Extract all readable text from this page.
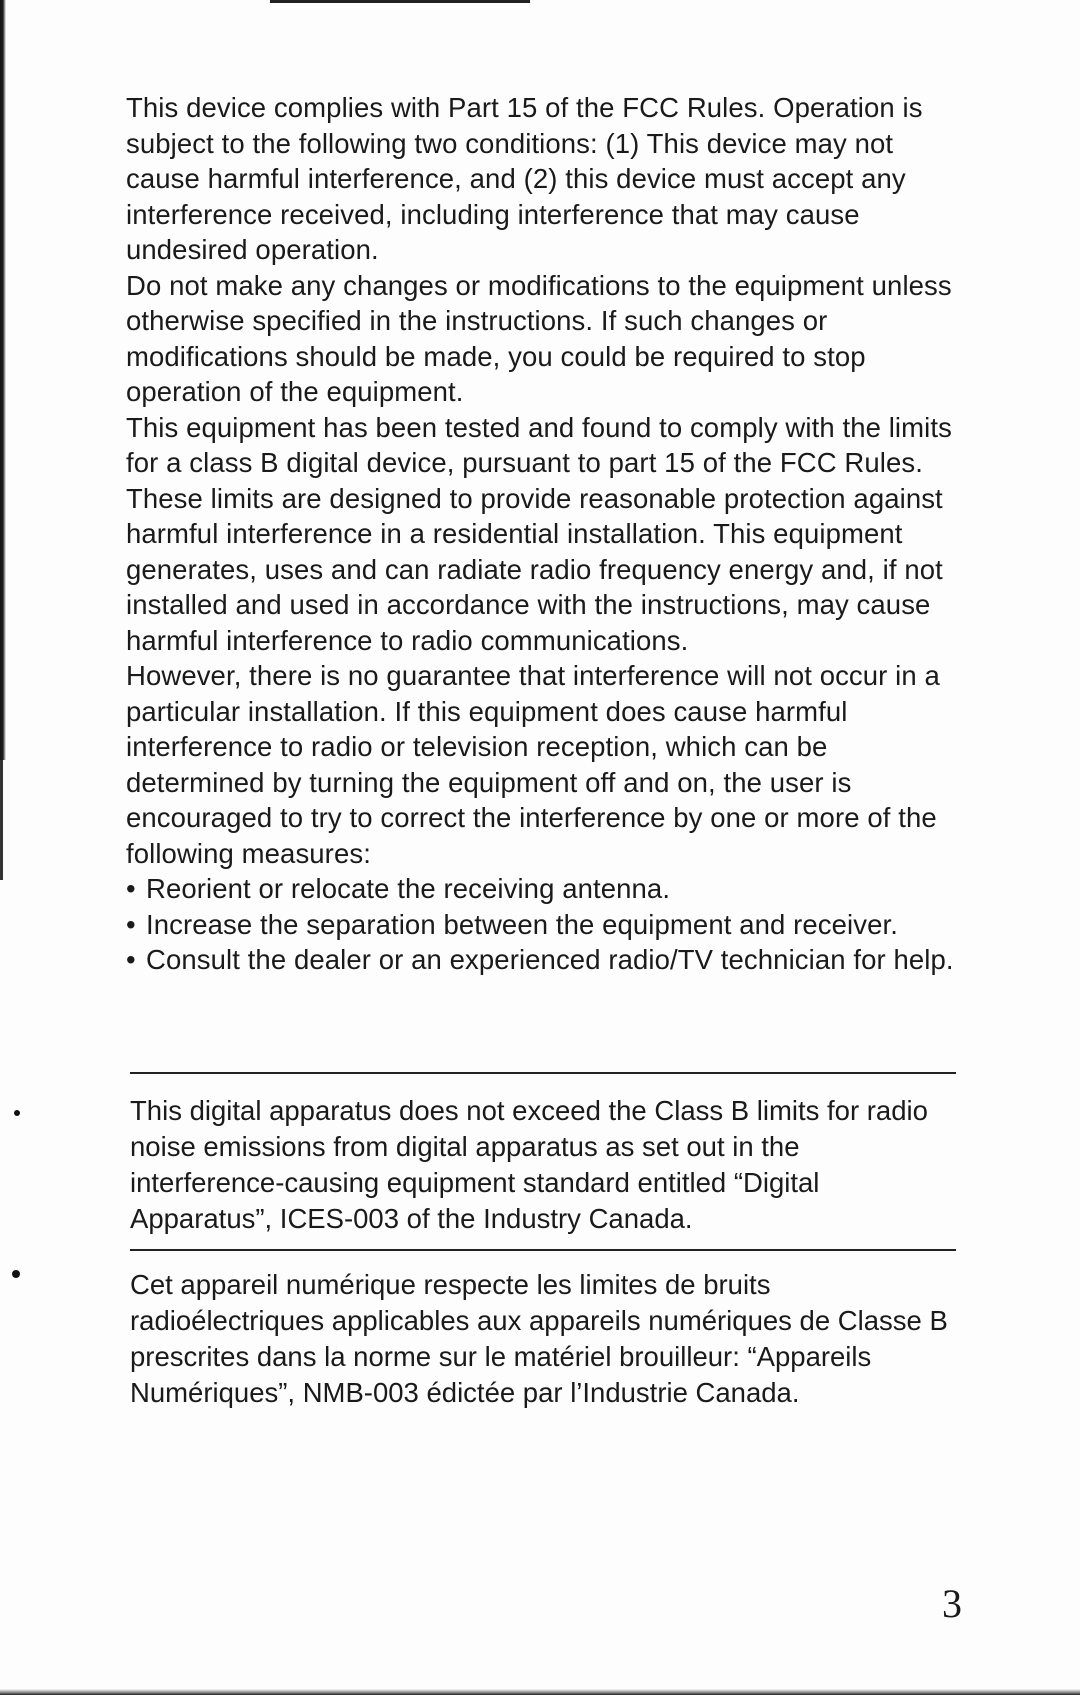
This device complies with Part 15 of the FCC Rules. Operation is subject to the following two conditions: (1) This device may not cause harmful interference, and (2) this device must accept any interference received, including interference that may cause undesired operation.

Do not make any changes or modifications to the equipment unless otherwise specified in the instructions. If such changes or modifications should be made, you could be required to stop operation of the equipment.

This equipment has been tested and found to comply with the limits for a class B digital device, pursuant to part 15 of the FCC Rules. These limits are designed to provide reasonable protection against harmful interference in a residential installation. This equipment generates, uses and can radiate radio frequency energy and, if not installed and used in accordance with the instructions, may cause harmful interference to radio communications.

However, there is no guarantee that interference will not occur in a particular installation. If this equipment does cause harmful interference to radio or television reception, which can be determined by turning the equipment off and on, the user is encouraged to try to correct the interference by one or more of the following measures:

• Reorient or relocate the receiving antenna.
• Increase the separation between the equipment and receiver.
• Consult the dealer or an experienced radio/TV technician for help.

This digital apparatus does not exceed the Class B limits for radio noise emissions from digital apparatus as set out in the interference-causing equipment standard entitled “Digital Apparatus”, ICES-003 of the Industry Canada.

Cet appareil numérique respecte les limites de bruits radioélectriques applicables aux appareils numériques de Classe B prescrites dans la norme sur le matériel brouilleur: “Appareils Numériques”, NMB-003 édictée par l’Industrie Canada.

3
